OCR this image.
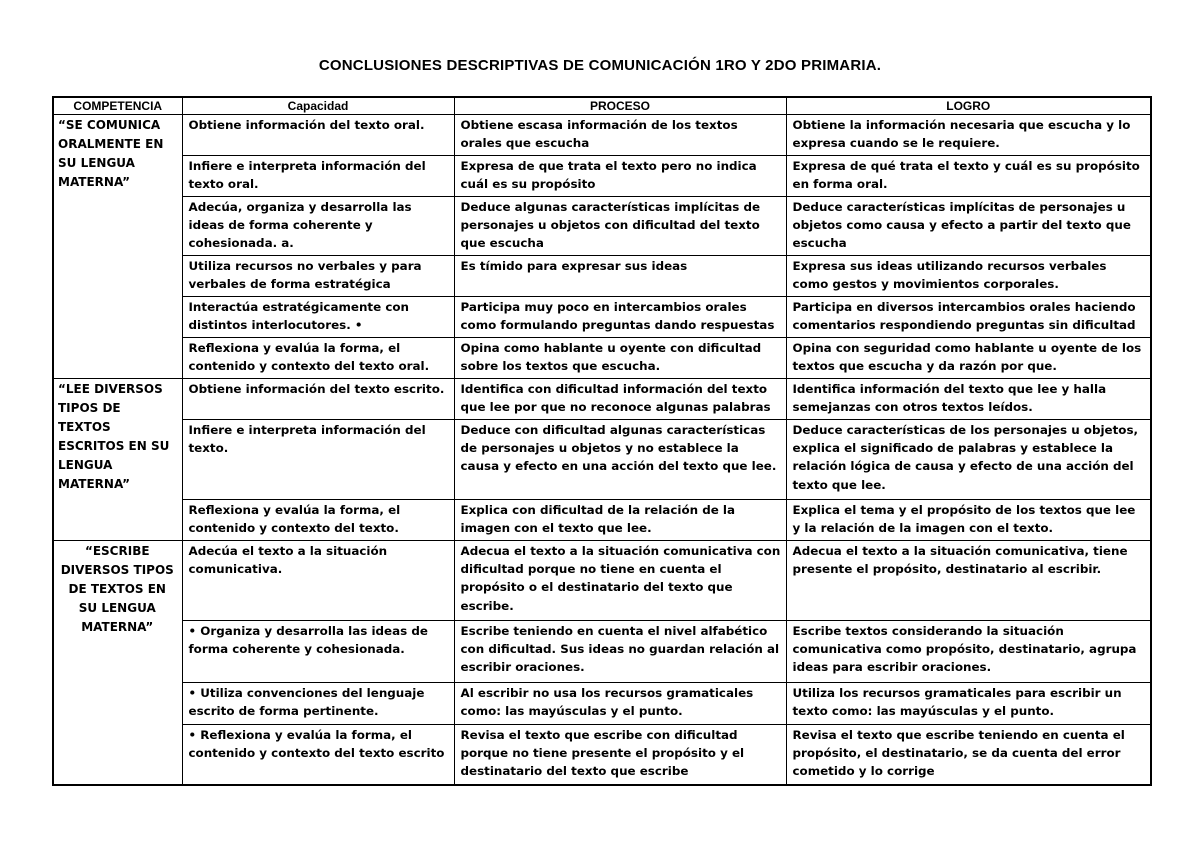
CONCLUSIONES DESCRIPTIVAS DE COMUNICACIÓN 1RO Y 2DO PRIMARIA.
COMPETENCIA	Capacidad	PROCESO	LOGRO
“SE COMUNICA ORALMENTE EN SU LENGUA MATERNA”	Obtiene información del texto oral.	Obtiene escasa información de los textos orales que escucha	Obtiene la información necesaria que escucha y lo expresa cuando se le requiere.
	Infiere e interpreta información del texto oral.	Expresa de que trata el texto pero no indica cuál es su propósito	Expresa de qué trata el texto y cuál es su propósito en forma oral.
	Adecúa, organiza y desarrolla las ideas de forma coherente y cohesionada. a.	Deduce algunas características implícitas de personajes u objetos con dificultad del texto que escucha	Deduce características implícitas de personajes u objetos como causa y efecto a partir del texto que escucha
	Utiliza recursos no verbales y para verbales de forma estratégica	Es tímido para expresar sus ideas	Expresa sus ideas utilizando recursos verbales como gestos y movimientos corporales.
	Interactúa estratégicamente con distintos interlocutores. •	Participa muy poco en intercambios orales como formulando preguntas dando respuestas	Participa en diversos intercambios orales haciendo comentarios respondiendo preguntas sin dificultad
	Reflexiona y evalúa la forma, el contenido y contexto del texto oral.	Opina como hablante u oyente con dificultad sobre los textos que escucha.	Opina con seguridad como hablante u oyente de los textos que escucha y da razón por que.
“LEE DIVERSOS TIPOS DE TEXTOS ESCRITOS EN SU LENGUA MATERNA”	Obtiene información del texto escrito.	Identifica con dificultad información del texto que lee por que no reconoce algunas palabras	Identifica información del texto que lee y halla semejanzas con otros textos leídos.
	Infiere e interpreta información del texto.	Deduce con dificultad algunas características de personajes u objetos y no establece la causa y efecto en una acción del texto que lee.	Deduce características de los personajes u objetos, explica el significado de palabras y establece la relación lógica de causa y efecto de una acción del texto que lee.
	Reflexiona y evalúa la forma, el contenido y contexto del texto.	Explica con dificultad de la relación de la imagen con el texto que lee.	Explica el tema y el propósito de los textos que lee y la relación de la imagen con el texto.
“ESCRIBE DIVERSOS TIPOS DE TEXTOS EN SU LENGUA MATERNA”	Adecúa el texto a la situación comunicativa.	Adecua el texto a la situación comunicativa con dificultad porque no tiene en cuenta el propósito o el destinatario del texto que escribe.	Adecua el texto a la situación comunicativa, tiene presente el propósito, destinatario al escribir.
	• Organiza y desarrolla las ideas de forma coherente y cohesionada.	Escribe teniendo en cuenta el nivel alfabético con dificultad. Sus ideas no guardan relación al escribir oraciones.	Escribe textos considerando la situación comunicativa como propósito, destinatario, agrupa ideas para escribir oraciones.
	• Utiliza convenciones del lenguaje escrito de forma pertinente.	Al escribir no usa los recursos gramaticales como: las mayúsculas y el punto.	Utiliza los recursos gramaticales para escribir un texto como: las mayúsculas y el punto.
	• Reflexiona y evalúa la forma, el contenido y contexto del texto escrito	Revisa el texto que escribe con dificultad porque no tiene presente el propósito y el destinatario del texto que escribe	Revisa el texto que escribe teniendo en cuenta el propósito, el destinatario, se da cuenta del error cometido y lo corrige
